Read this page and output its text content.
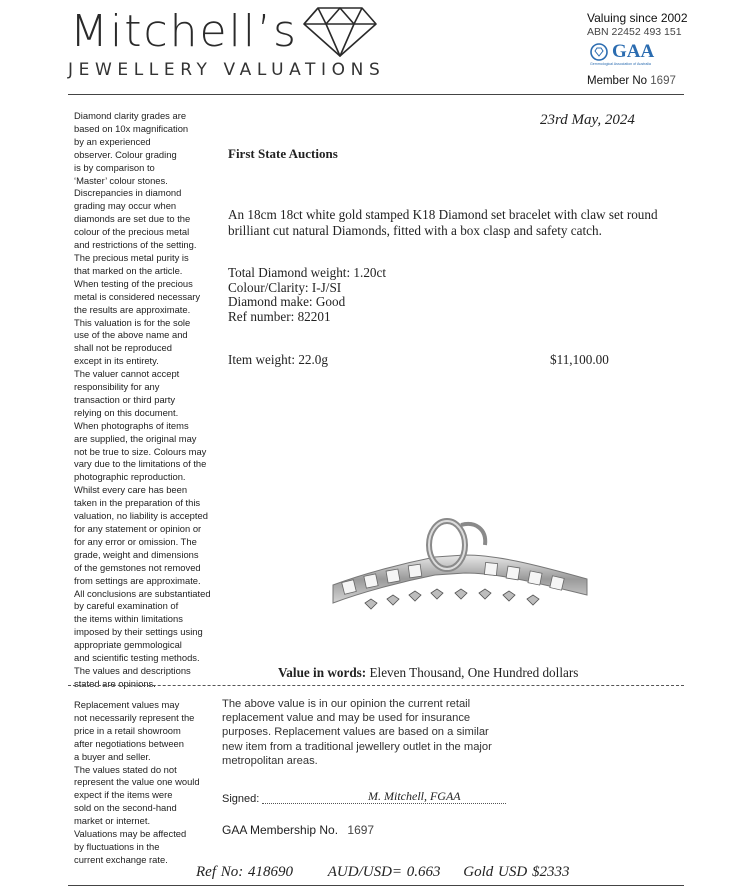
Mitchell’s
JEWELLERY VALUATIONS
Valuing since 2002
ABN 22452 493 151
GAA
Gemmological Association of Australia
Member No 1697
Diamond clarity grades are
based on 10x magnification
by an experienced
observer. Colour grading
is by comparison to
‘Master’ colour stones.
Discrepancies in diamond
grading may occur when
diamonds are set due to the
colour of the precious metal
and restrictions of the setting.
The precious metal purity is
that marked on the article.
When testing of the precious
metal is considered necessary
the results are approximate.
This valuation is for the sole
use of the above name and
shall not be reproduced
except in its entirety.
The valuer cannot accept
responsibility for any
transaction or third party
relying on this document.
When photographs of items
are supplied, the original may
not be true to size. Colours may
vary due to the limitations of the
photographic reproduction.
Whilst every care has been
taken in the preparation of this
valuation, no liability is accepted
for any statement or opinion or
for any error or omission. The
grade, weight and dimensions
of the gemstones not removed
from settings are approximate.
All conclusions are substantiated
by careful examination of
the items within limitations
imposed by their settings using
appropriate gemmological
and scientific testing methods.
The values and descriptions
stated are opinions.
23rd May, 2024
First State Auctions
An 18cm 18ct white gold stamped K18 Diamond set bracelet with claw set round brilliant cut natural Diamonds, fitted with a box clasp and safety catch.
Total Diamond weight: 1.20ct
Colour/Clarity: I-J/SI
Diamond make: Good
Ref number: 82201
Item weight: 22.0g	$11,100.00
Value in words: Eleven Thousand, One Hundred dollars
Replacement values may
not necessarily represent the
price in a retail showroom
after negotiations between
a buyer and seller.
The values stated do not
represent the value one would
expect if the items were
sold on the second-hand
market or internet.
Valuations may be affected
by fluctuations in the
current exchange rate.
The above value is in our opinion the current retail replacement value and may be used for insurance purposes. Replacement values are based on a similar new item from a traditional jewellery outlet in the major metropolitan areas.
Signed:	M. Mitchell, FGAA
GAA Membership No. 1697
Ref No: 418690 AUD/USD= 0.663 Gold USD $2333
